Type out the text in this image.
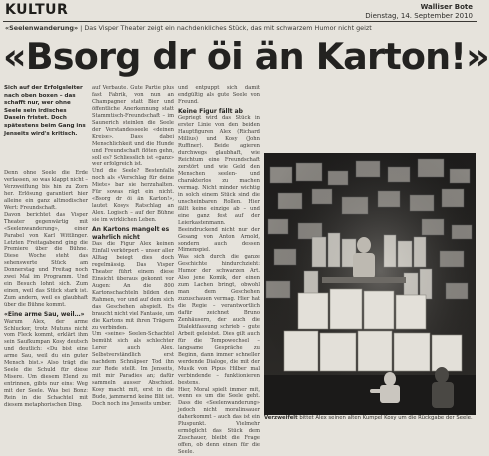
KULTUR	Walliser Bote
Dienstag, 14. September 2010
«Seelenwanderung» | Das Visper Theater zeigt ein nachdenkliches Stück, das mit schwarzem Humor nicht geizt
«Bsorg dr öi än Karton!»
Sich auf der Erfolgsleiter nach oben boxen – das schafft nur, wer ohne Seele sein irdisches Dasein fristet. Doch spätestens beim Gang ins Jenseits wird's kritisch.

Denn ohne Seele die Erde verlassen, so was klappt nicht – Verzweiflung bis hin zu Zorn her. Erlösung garantiert hier alleine ein ganz altmodischer Wert: Freundschaft.

Davon berichtet das Visper Theater gegenwärtig mit «Seelenwanderung», einer Parabel von Karl Wittlinger. Letzten Freitagabend ging die Premiere über die Bühne. Diese Woche steht das sehenswerte Stück am Donnerstag und Freitag noch zwei Mal im Programm. Und ein Besuch lohnt sich. Zum einen, weil das Stück stark ist. Zum andern, weil es glaubhaft über die Bühne kommt.

«Eine arme Sau, weil…»

Warum Alex, der arme Schlucker, trotz Mutuns nicht vom Fleck kommt, erklärt ihm sein Saufkumpan Kosy deutsch und deutlich: «Du bist eine arme Sau, weil du ein guter Mensch bist.» Also trägt die Seele die Schuld für diese Misere. Um diesem Elend zu entrinnen, gibts nur eins: Weg mit der Seele. Was bei Bonz: Rein in die Schachtel mit diesem metaphorischen Ding.

auf Verbaute. Gute Partie plus fast Fabrik, von nun an Champagner statt Bier und öffentliche Anerkennung statt Stammtisch-Freundschaft – im Saunerich steinlen die Seele der Verstandesseele «deinen Kreise». Dass dabei Menschlichkeit und die Hunde und Freundschaft flöten gehn, soll es? Schliesslich ist «ganz» wer erfolgreich ist.

Und die Seele? Bestenfalls noch als «Verschlag für deine Miete» bar sie herzuhalten. Für sowas rägt ein nicht. «Bsorg dr öi än Karton!», lautet Kosys Ratschlag an Alex. Logisch – auf der Bühne sie im wirklichen Leben.

An Kartons mangelt es wahrlich nicht

Das die Figur Alex keinen Einfall verkörpert – unser aller Alltag beiegt dies doch regelmässig. Das Visper Theater führt einem diese Einsicht überaus gekonnt vor Augen: An die 800 Kartonschachteln bilden den Rahmen, vor und auf dem sich das Geschehen abspielt. Es braucht nicht viel Fantasie, um die Kartons mit ihren Trägern zu verbinden.

Um «seine» Seelen-Schachtel bemüht sich als schlechter Lerer auch Alex. Selbstverständlich erst nachdem Schnäpser Tod ihn zur Rede stellt. Im Jenseits, mit mir Paradies an; dafür sammeln ausser Abschied. Kosy macht mit, erst in die Bude, jammernd keine Blit ist. Doch noch ins Jenseits umber.

und entpuppt sich damit endgültig als gute Seele von Freund.

Keine Figur fällt ab

Gepriegt wird das Stück in erster Linie von den beiden Hauptfiguren Alex (Richard Millius) und Kosy (John Ruffiner). Beide agieren durchwegs glaubhaft, wie Reichtum eine Freundschaft zerstört und wie Geld den Menschen seelen- und charakterlos zu machen vermag. Nicht minder wichtig in solch einem Stück sind die unscheinbaren Rollen. Hier fällt keine einzige ab – und eine ganz fest auf der Leierkastenmann. Beeindruckend nicht nur der Gesang von Anton Arnold, sondern auch dessen Mimenspiel.

Was sich durch die ganze Geschichte hindurchzieht: Humor der schwarzen Art. Also jene Komik, der einen zum Lachen bringt, obwohl man dem Geschehen zuzuschauen vermag. Hier hat die Regie – verantwortlich dafür zeichnet Bruno Zenhäusern, der auch die Dialektfassung schrieb – gute Arbeit geleistet. Dies gilt auch für die Tempowechsel – langsame Gespräche zu Beginn, dann immer schneller werdende Dialoge, die mit der Musik von Pipus Hilber mal verbindende – funktionieren bestens.

Hier, Moral spielt immer mit, wenn es um die Seele geht. Dass die «Seelenwanderung» jedoch nicht moralinsauer daherkommt – auch das ist ein Pluspunkt. Vielmehr ermöglicht das Stück dem Zuschauer, bleibt die Frage offen, ob denn einen für die Seele.

Verzweifelt bittet Alex seinen alten Kumpel Kosy um die Rückgabe der Seele.
